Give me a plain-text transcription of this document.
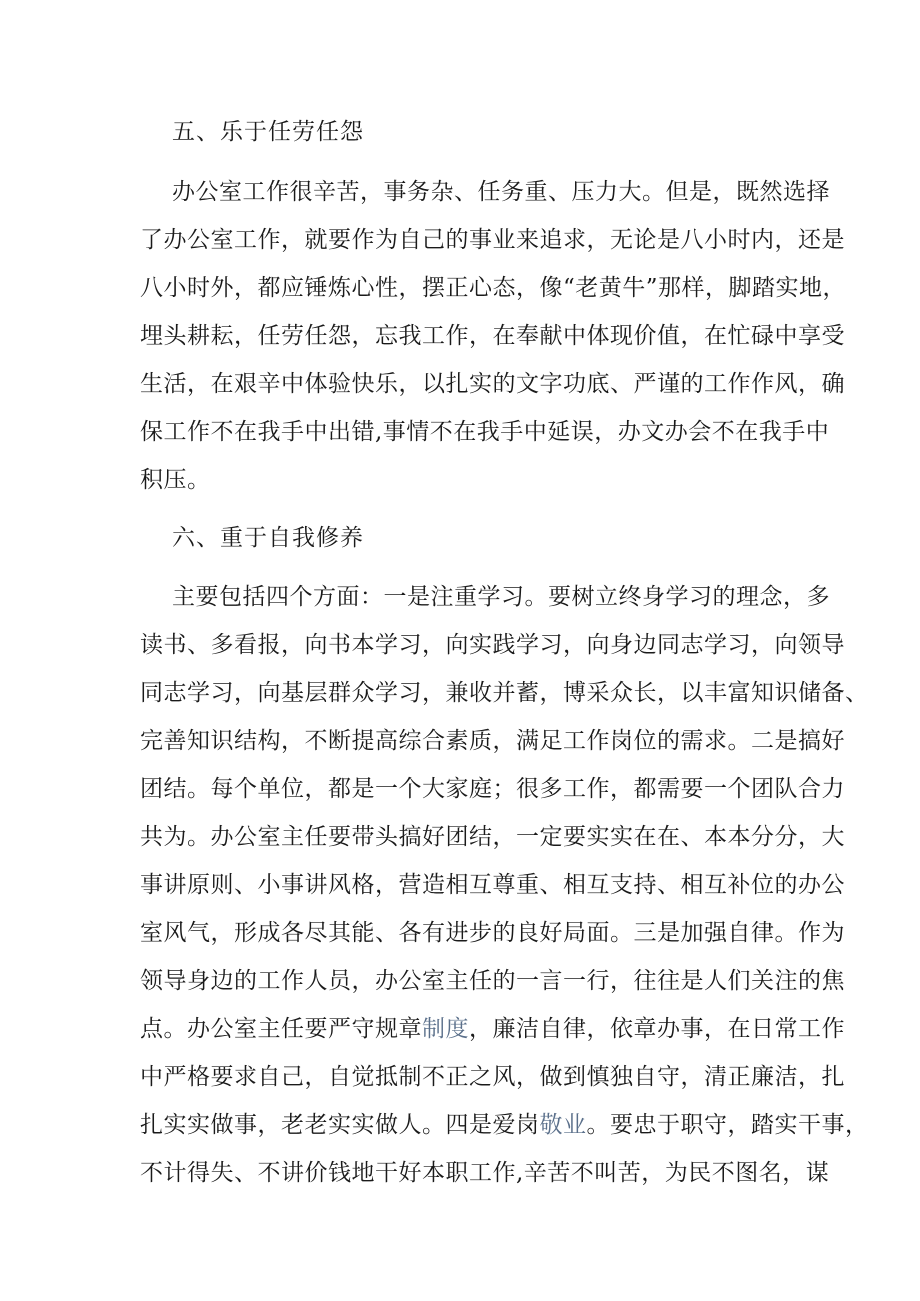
五、乐于任劳任怨
办公室工作很辛苦，事务杂、任务重、压力大。但是，既然选择
了办公室工作，就要作为自己的事业来追求，无论是八小时内，还是
八小时外，都应锤炼心性，摆正心态，像“老黄牛”那样，脚踏实地，
埋头耕耘，任劳任怨，忘我工作，在奉献中体现价值，在忙碌中享受
生活，在艰辛中体验快乐，以扎实的文字功底、严谨的工作作风，确
保工作不在我手中出错,事情不在我手中延误，办文办会不在我手中
积压。
六、重于自我修养
主要包括四个方面：一是注重学习。要树立终身学习的理念，多
读书、多看报，向书本学习，向实践学习，向身边同志学习，向领导
同志学习，向基层群众学习，兼收并蓄，博采众长，以丰富知识储备、
完善知识结构，不断提高综合素质，满足工作岗位的需求。二是搞好
团结。每个单位，都是一个大家庭；很多工作，都需要一个团队合力
共为。办公室主任要带头搞好团结，一定要实实在在、本本分分，大
事讲原则、小事讲风格，营造相互尊重、相互支持、相互补位的办公
室风气，形成各尽其能、各有进步的良好局面。三是加强自律。作为
领导身边的工作人员，办公室主任的一言一行，往往是人们关注的焦
点。办公室主任要严守规章制度，廉洁自律，依章办事，在日常工作
中严格要求自己，自觉抵制不正之风，做到慎独自守，清正廉洁，扎
扎实实做事，老老实实做人。四是爱岗敬业。要忠于职守，踏实干事，
不计得失、不讲价钱地干好本职工作,辛苦不叫苦，为民不图名，谋
